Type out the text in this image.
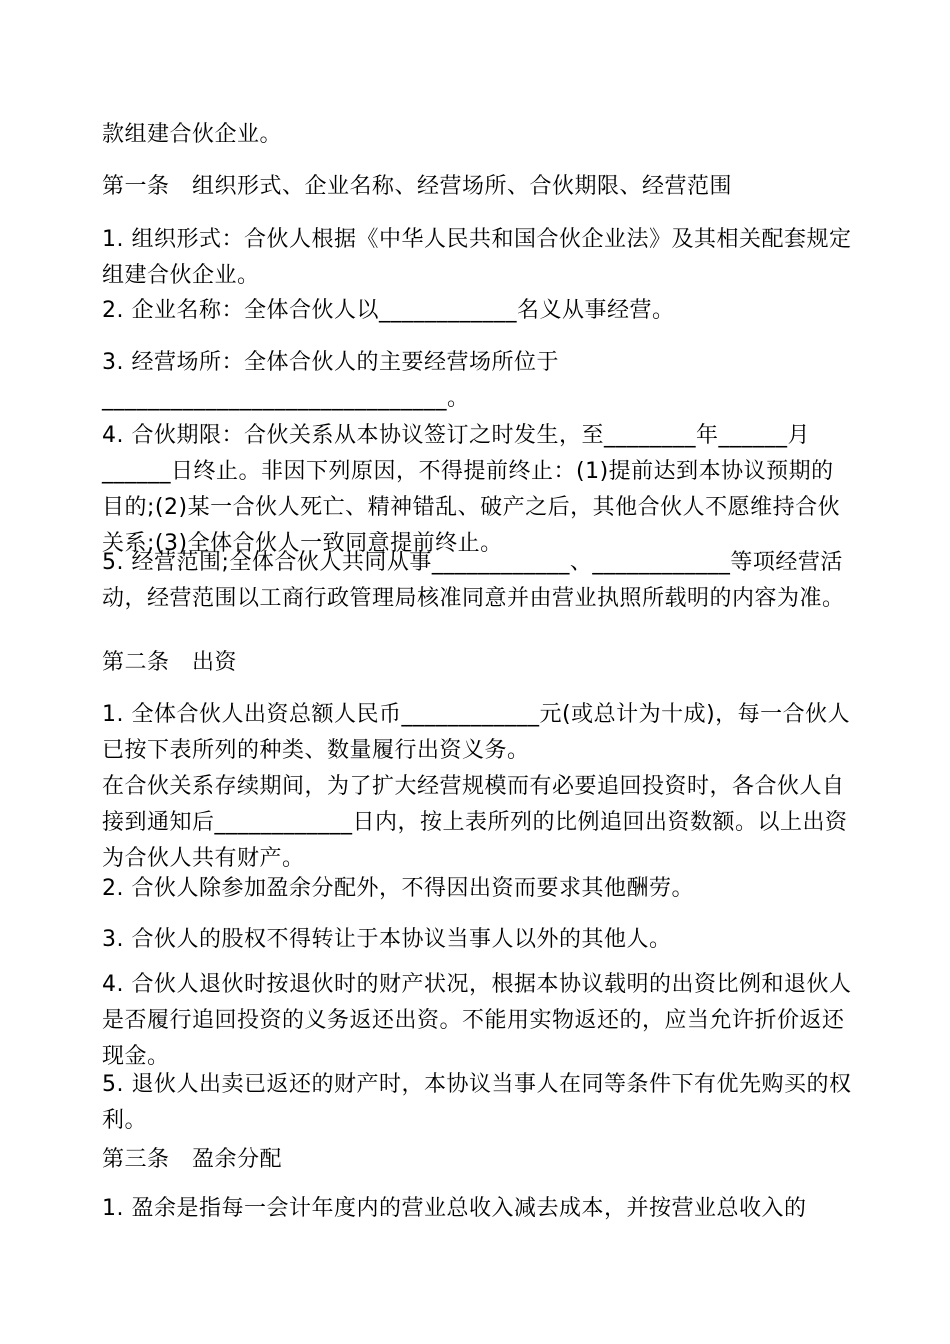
款组建合伙企业。

第一条　组织形式、企业名称、经营场所、合伙期限、经营范围

1. 组织形式：合伙人根据《中华人民共和国合伙企业法》及其相关配套规定组建合伙企业。

2. 企业名称：全体合伙人以____________名义从事经营。

3. 经营场所：全体合伙人的主要经营场所位于______________________________。

4. 合伙期限：合伙关系从本协议签订之时发生，至________年______月______日终止。非因下列原因，不得提前终止：(1)提前达到本协议预期的目的;(2)某一合伙人死亡、精神错乱、破产之后，其他合伙人不愿维持合伙关系;(3)全体合伙人一致同意提前终止。

5. 经营范围;全体合伙人共同从事____________、____________等项经营活动，经营范围以工商行政管理局核准同意并由营业执照所载明的内容为准。

第二条　出资

1. 全体合伙人出资总额人民币____________元(或总计为十成)，每一合伙人已按下表所列的种类、数量履行出资义务。

在合伙关系存续期间，为了扩大经营规模而有必要追回投资时，各合伙人自接到通知后____________日内，按上表所列的比例追回出资数额。以上出资为合伙人共有财产。

2. 合伙人除参加盈余分配外，不得因出资而要求其他酬劳。

3. 合伙人的股权不得转让于本协议当事人以外的其他人。

4. 合伙人退伙时按退伙时的财产状况，根据本协议载明的出资比例和退伙人是否履行追回投资的义务返还出资。不能用实物返还的，应当允许折价返还现金。

5. 退伙人出卖已返还的财产时，本协议当事人在同等条件下有优先购买的权利。

第三条　盈余分配

1. 盈余是指每一会计年度内的营业总收入减去成本，并按营业总收入的
